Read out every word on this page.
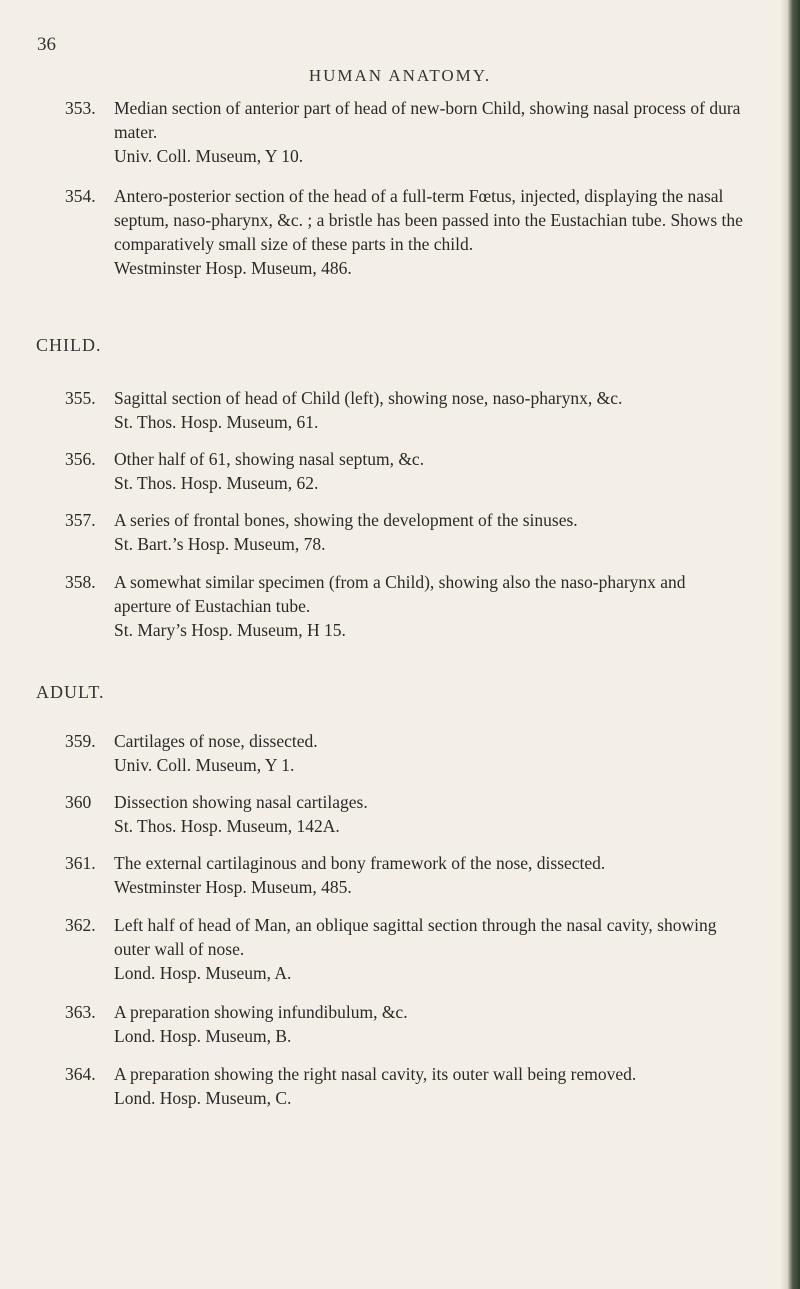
36
HUMAN ANATOMY.
353. Median section of anterior part of head of new-born Child, showing nasal process of dura mater.
Univ. Coll. Museum, Y 10.
354. Antero-posterior section of the head of a full-term Fœtus, injected, displaying the nasal septum, naso-pharynx, &c. ; a bristle has been passed into the Eustachian tube. Shows the comparatively small size of these parts in the child.
Westminster Hosp. Museum, 486.
CHILD.
355. Sagittal section of head of Child (left), showing nose, naso-pharynx, &c.
St. Thos. Hosp. Museum, 61.
356. Other half of 61, showing nasal septum, &c.
St. Thos. Hosp. Museum, 62.
357. A series of frontal bones, showing the development of the sinuses.
St. Bart.’s Hosp. Museum, 78.
358. A somewhat similar specimen (from a Child), showing also the naso-pharynx and aperture of Eustachian tube.
St. Mary’s Hosp. Museum, H 15.
ADULT.
359. Cartilages of nose, dissected.
Univ. Coll. Museum, Y 1.
360 Dissection showing nasal cartilages.
St. Thos. Hosp. Museum, 142A.
361. The external cartilaginous and bony framework of the nose, dissected.
Westminster Hosp. Museum, 485.
362. Left half of head of Man, an oblique sagittal section through the nasal cavity, showing outer wall of nose.
Lond. Hosp. Museum, A.
363. A preparation showing infundibulum, &c.
Lond. Hosp. Museum, B.
364. A preparation showing the right nasal cavity, its outer wall being removed.
Lond. Hosp. Museum, C.
